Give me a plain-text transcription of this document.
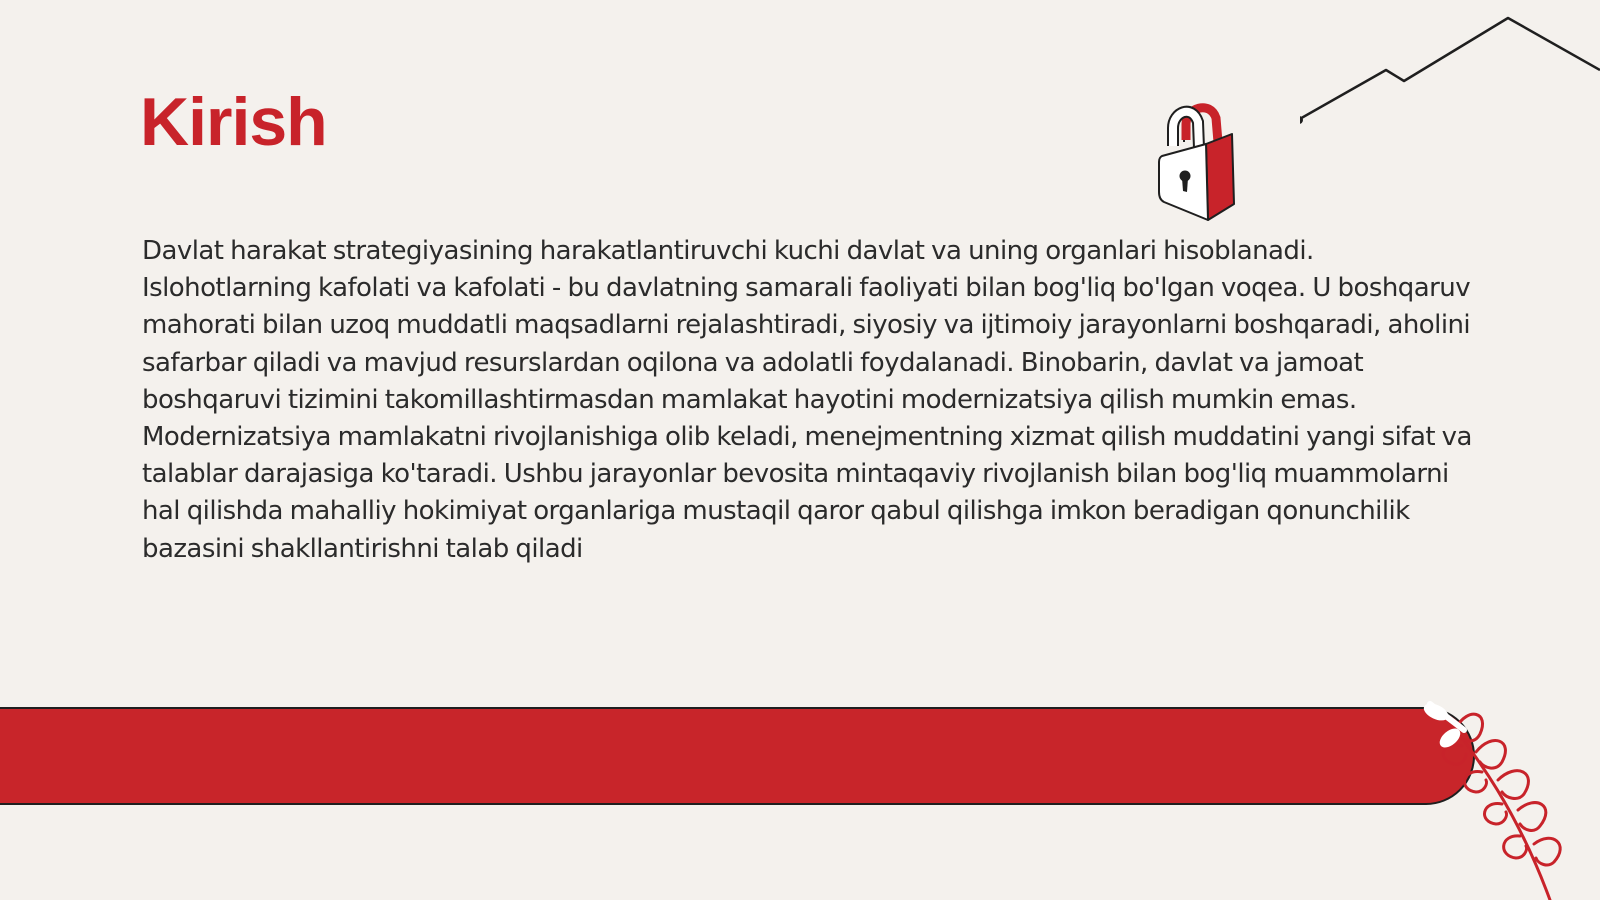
Kirish

Davlat harakat strategiyasining harakatlantiruvchi kuchi davlat va uning organlari hisoblanadi. Islohotlarning kafolati va kafolati - bu davlatning samarali faoliyati bilan bog'liq bo'lgan voqea. U boshqaruv mahorati bilan uzoq muddatli maqsadlarni rejalashtiradi, siyosiy va ijtimoiy jarayonlarni boshqaradi, aholini safarbar qiladi va mavjud resurslardan oqilona va adolatli foydalanadi. Binobarin, davlat va jamoat boshqaruvi tizimini takomillashtirmasdan mamlakat hayotini modernizatsiya qilish mumkin emas. Modernizatsiya mamlakatni rivojlanishiga olib keladi, menejmentning xizmat qilish muddatini yangi sifat va talablar darajasiga ko'taradi. Ushbu jarayonlar bevosita mintaqaviy rivojlanish bilan bog'liq muammolarni hal qilishda mahalliy hokimiyat organlariga mustaqil qaror qabul qilishga imkon beradigan qonunchilik bazasini shakllantirishni talab qiladi
